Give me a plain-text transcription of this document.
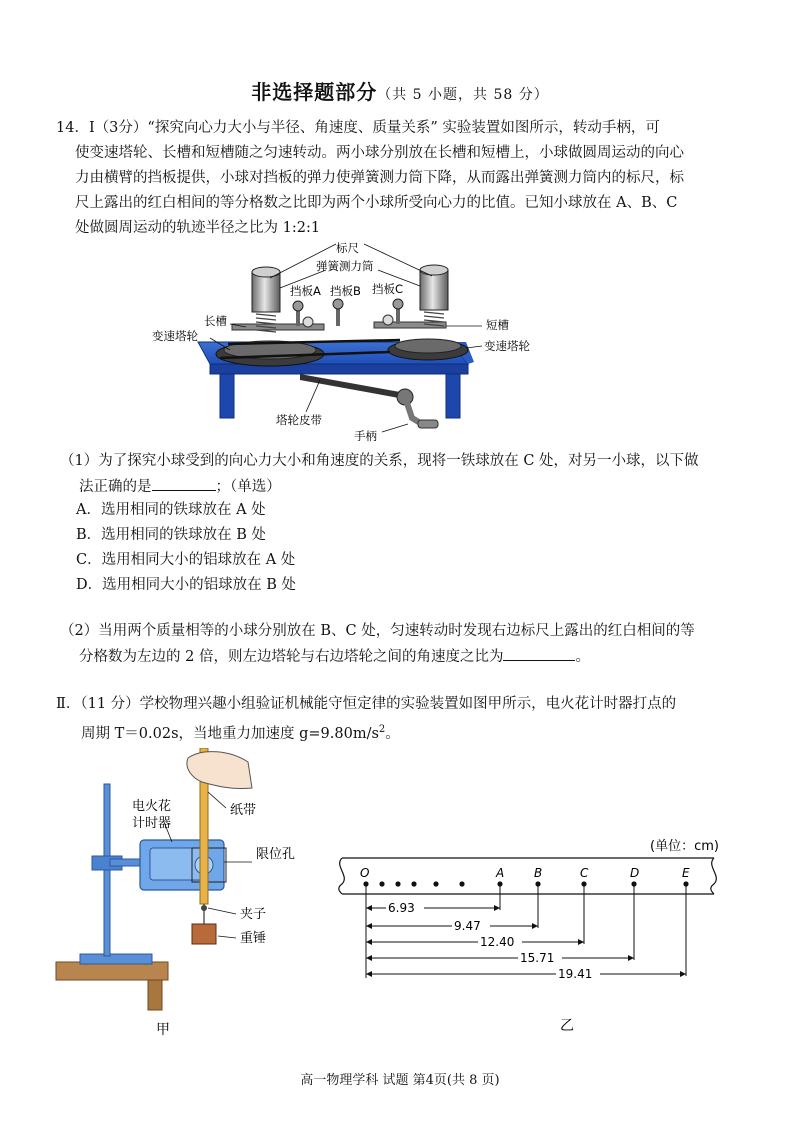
非选择题部分（共 5 小题，共 58 分）
14．Ⅰ（3分）“探究向心力大小与半径、角速度、质量关系” 实验装置如图所示，转动手柄，可
使变速塔轮、长槽和短槽随之匀速转动。两小球分别放在长槽和短槽上，小球做圆周运动的向心
力由横臂的挡板提供，小球对挡板的弹力使弹簧测力筒下降，从而露出弹簧测力筒内的标尺，标
尺上露出的红白相间的等分格数之比即为两个小球所受向心力的比值。已知小球放在 A、B、C
处做圆周运动的轨迹半径之比为 1:2:1
标尺
弹簧测力筒
挡板A 挡板B 挡板C
长槽	短槽
变速塔轮
变速塔轮
塔轮皮带
手柄
（1）为了探究小球受到的向心力大小和角速度的关系，现将一铁球放在 C 处，对另一小球，以下做
法正确的是	；（单选）
A．选用相同的铁球放在 A 处
B．选用相同的铁球放在 B 处
C．选用相同大小的铝球放在 A 处
D．选用相同大小的铝球放在 B 处
（2）当用两个质量相等的小球分别放在 B、C 处，匀速转动时发现右边标尺上露出的红白相间的等
分格数为左边的 2 倍，则左边塔轮与右边塔轮之间的角速度之比为	。
Ⅱ．（11 分）学校物理兴趣小组验证机械能守恒定律的实验装置如图甲所示，电火花计时器打点的
周期 T＝0.02s，当地重力加速度 $g=9.80m/s^2$。
电火花
计时器
纸带
限位孔
夹子
重锤
甲
(单位：cm)
O	A B	C	D	E
6.93
9.47
12.40
15.71
19.41
乙
高一物理学科 试题 第4页(共 8 页)
